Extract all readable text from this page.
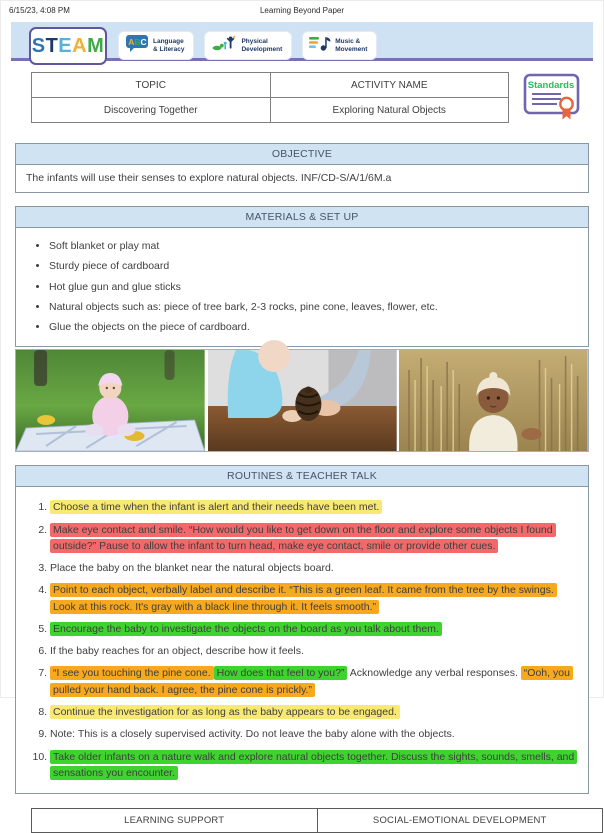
6/15/23, 4:08 PM	Learning Beyond Paper
STEAM	ABC Language
& Literacy
Physical
Development
Music &
Movement
TOPIC	ACTIVITY NAME
Discovering Together	Exploring Natural Objects
Standards
OBJECTIVE
The infants will use their senses to explore natural objects. INF/CD-S/A/1/6M.a
MATERIALS & SET UP
• Soft blanket or play mat
• Sturdy piece of cardboard
• Hot glue gun and glue sticks
• Natural objects such as: piece of tree bark, 2-3 rocks, pine cone, leaves, flower, etc.
• Glue the objects on the piece of cardboard.
ROUTINES & TEACHER TALK
1. Choose a time when the infant is alert and their needs have been met.
2. Make eye contact and smile. “How would you like to get down on the floor and explore some objects I found outside?” Pause to allow the infant to turn head, make eye contact, smile or provide other cues.
3. Place the baby on the blanket near the natural objects board.
4. Point to each object, verbally label and describe it. “This is a green leaf. It came from the tree by the swings. Look at this rock. It's gray with a black line through it. It feels smooth.”
5. Encourage the baby to investigate the objects on the board as you talk about them.
6. If the baby reaches for an object, describe how it feels.
7. “I see you touching the pine cone. How does that feel to you?” Acknowledge any verbal responses. “Ooh, you pulled your hand back. I agree, the pine cone is prickly.”
8. Continue the investigation for as long as the baby appears to be engaged.
9. Note: This is a closely supervised activity. Do not leave the baby alone with the objects.
10. Take older infants on a nature walk and explore natural objects together. Discuss the sights, sounds, smells, and sensations you encounter.
LEARNING SUPPORT	SOCIAL-EMOTIONAL DEVELOPMENT
